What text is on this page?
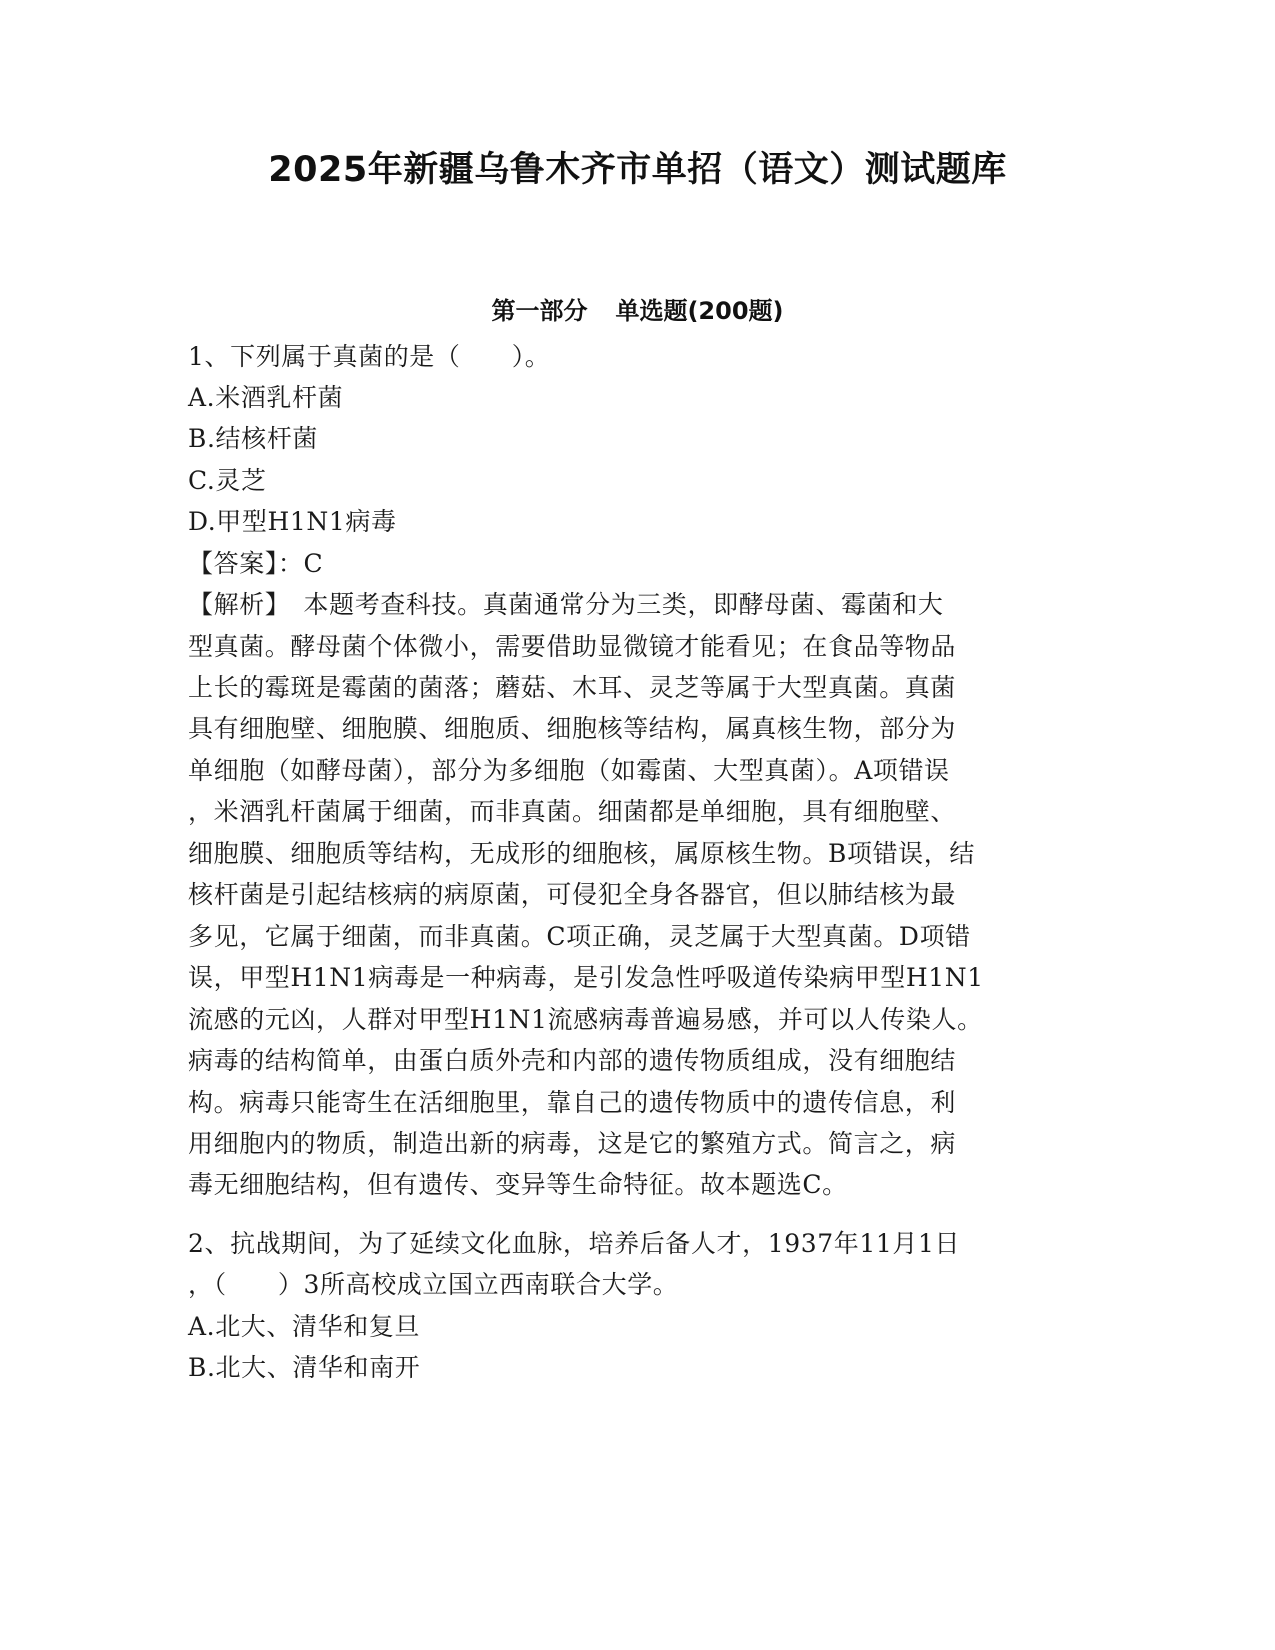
2025年新疆乌鲁木齐市单招（语文）测试题库
第一部分 单选题(200题)
1、下列属于真菌的是（　　）。
A.米酒乳杆菌
B.结核杆菌
C.灵芝
D.甲型H1N1病毒
【答案】：C
【解析】　本题考查科技。真菌通常分为三类，即酵母菌、霉菌和大
型真菌。酵母菌个体微小，需要借助显微镜才能看见；在食品等物品
上长的霉斑是霉菌的菌落；蘑菇、木耳、灵芝等属于大型真菌。真菌
具有细胞壁、细胞膜、细胞质、细胞核等结构，属真核生物，部分为
单细胞（如酵母菌），部分为多细胞（如霉菌、大型真菌）。A项错误
，米酒乳杆菌属于细菌，而非真菌。细菌都是单细胞，具有细胞壁、
细胞膜、细胞质等结构，无成形的细胞核，属原核生物。B项错误，结
核杆菌是引起结核病的病原菌，可侵犯全身各器官，但以肺结核为最
多见，它属于细菌，而非真菌。C项正确，灵芝属于大型真菌。D项错
误，甲型H1N1病毒是一种病毒，是引发急性呼吸道传染病甲型H1N1
流感的元凶，人群对甲型H1N1流感病毒普遍易感，并可以人传染人。
病毒的结构简单，由蛋白质外壳和内部的遗传物质组成，没有细胞结
构。病毒只能寄生在活细胞里，靠自己的遗传物质中的遗传信息，利
用细胞内的物质，制造出新的病毒，这是它的繁殖方式。简言之，病
毒无细胞结构，但有遗传、变异等生命特征。故本题选C。
2、抗战期间，为了延续文化血脉，培养后备人才，1937年11月1日
，（　　）3所高校成立国立西南联合大学。
A.北大、清华和复旦
B.北大、清华和南开
